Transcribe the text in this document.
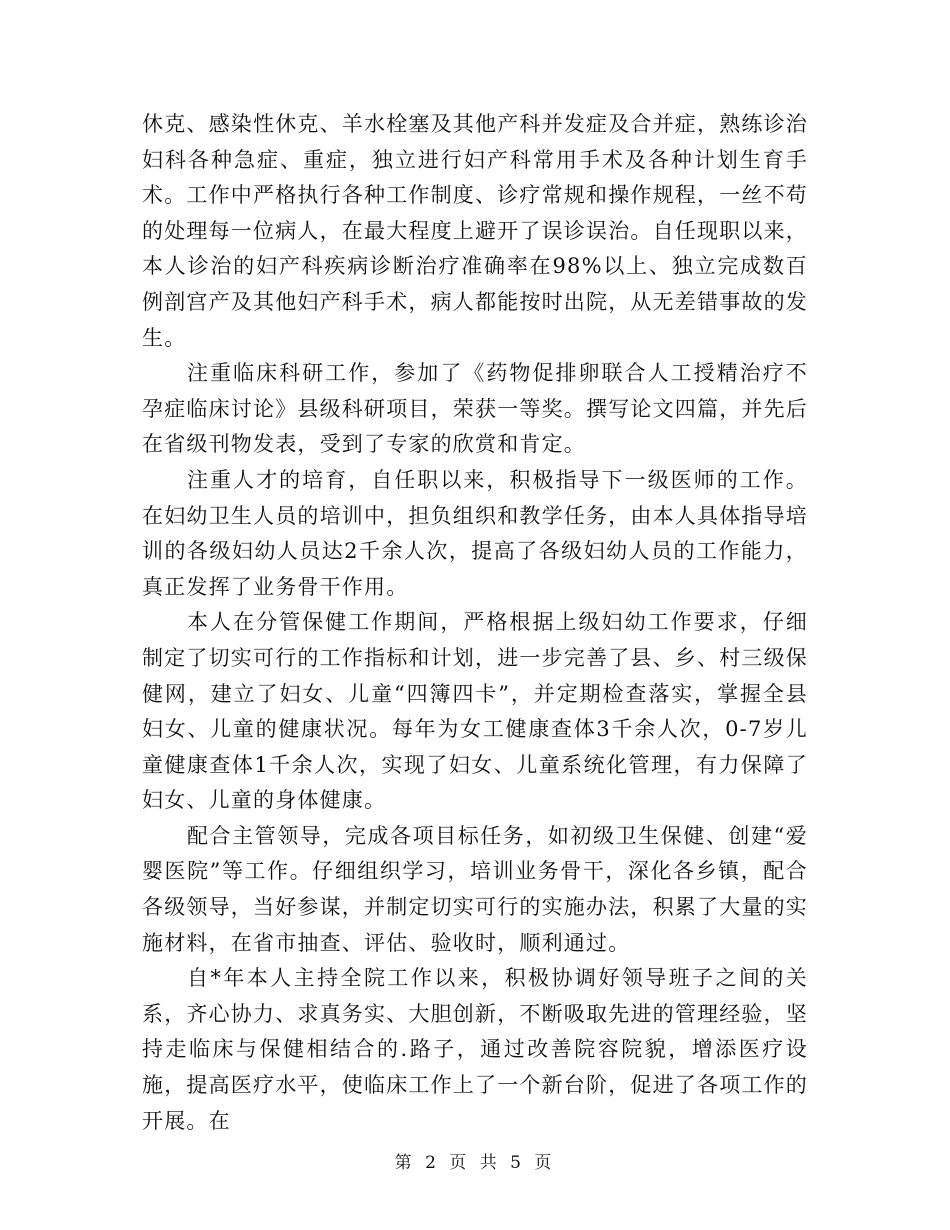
休克、感染性休克、羊水栓塞及其他产科并发症及合并症，熟练诊治妇科各种急症、重症，独立进行妇产科常用手术及各种计划生育手术。工作中严格执行各种工作制度、诊疗常规和操作规程，一丝不苟的处理每一位病人，在最大程度上避开了误诊误治。自任现职以来，本人诊治的妇产科疾病诊断治疗准确率在98%以上、独立完成数百例剖宫产及其他妇产科手术，病人都能按时出院，从无差错事故的发生。

注重临床科研工作，参加了《药物促排卵联合人工授精治疗不孕症临床讨论》县级科研项目，荣获一等奖。撰写论文四篇，并先后在省级刊物发表，受到了专家的欣赏和肯定。

注重人才的培育，自任职以来，积极指导下一级医师的工作。在妇幼卫生人员的培训中，担负组织和教学任务，由本人具体指导培训的各级妇幼人员达2千余人次，提高了各级妇幼人员的工作能力，真正发挥了业务骨干作用。

本人在分管保健工作期间，严格根据上级妇幼工作要求，仔细制定了切实可行的工作指标和计划，进一步完善了县、乡、村三级保健网，建立了妇女、儿童“四簿四卡”，并定期检查落实，掌握全县妇女、儿童的健康状况。每年为女工健康查体3千余人次，0-7岁儿童健康查体1千余人次，实现了妇女、儿童系统化管理，有力保障了妇女、儿童的身体健康。

配合主管领导，完成各项目标任务，如初级卫生保健、创建“爱婴医院”等工作。仔细组织学习，培训业务骨干，深化各乡镇，配合各级领导，当好参谋，并制定切实可行的实施办法，积累了大量的实施材料，在省市抽查、评估、验收时，顺利通过。

自*年本人主持全院工作以来，积极协调好领导班子之间的关系，齐心协力、求真务实、大胆创新，不断吸取先进的管理经验，坚持走临床与保健相结合的.路子，通过改善院容院貌，增添医疗设施，提高医疗水平，使临床工作上了一个新台阶，促进了各项工作的开展。在

第 2 页 共 5 页
